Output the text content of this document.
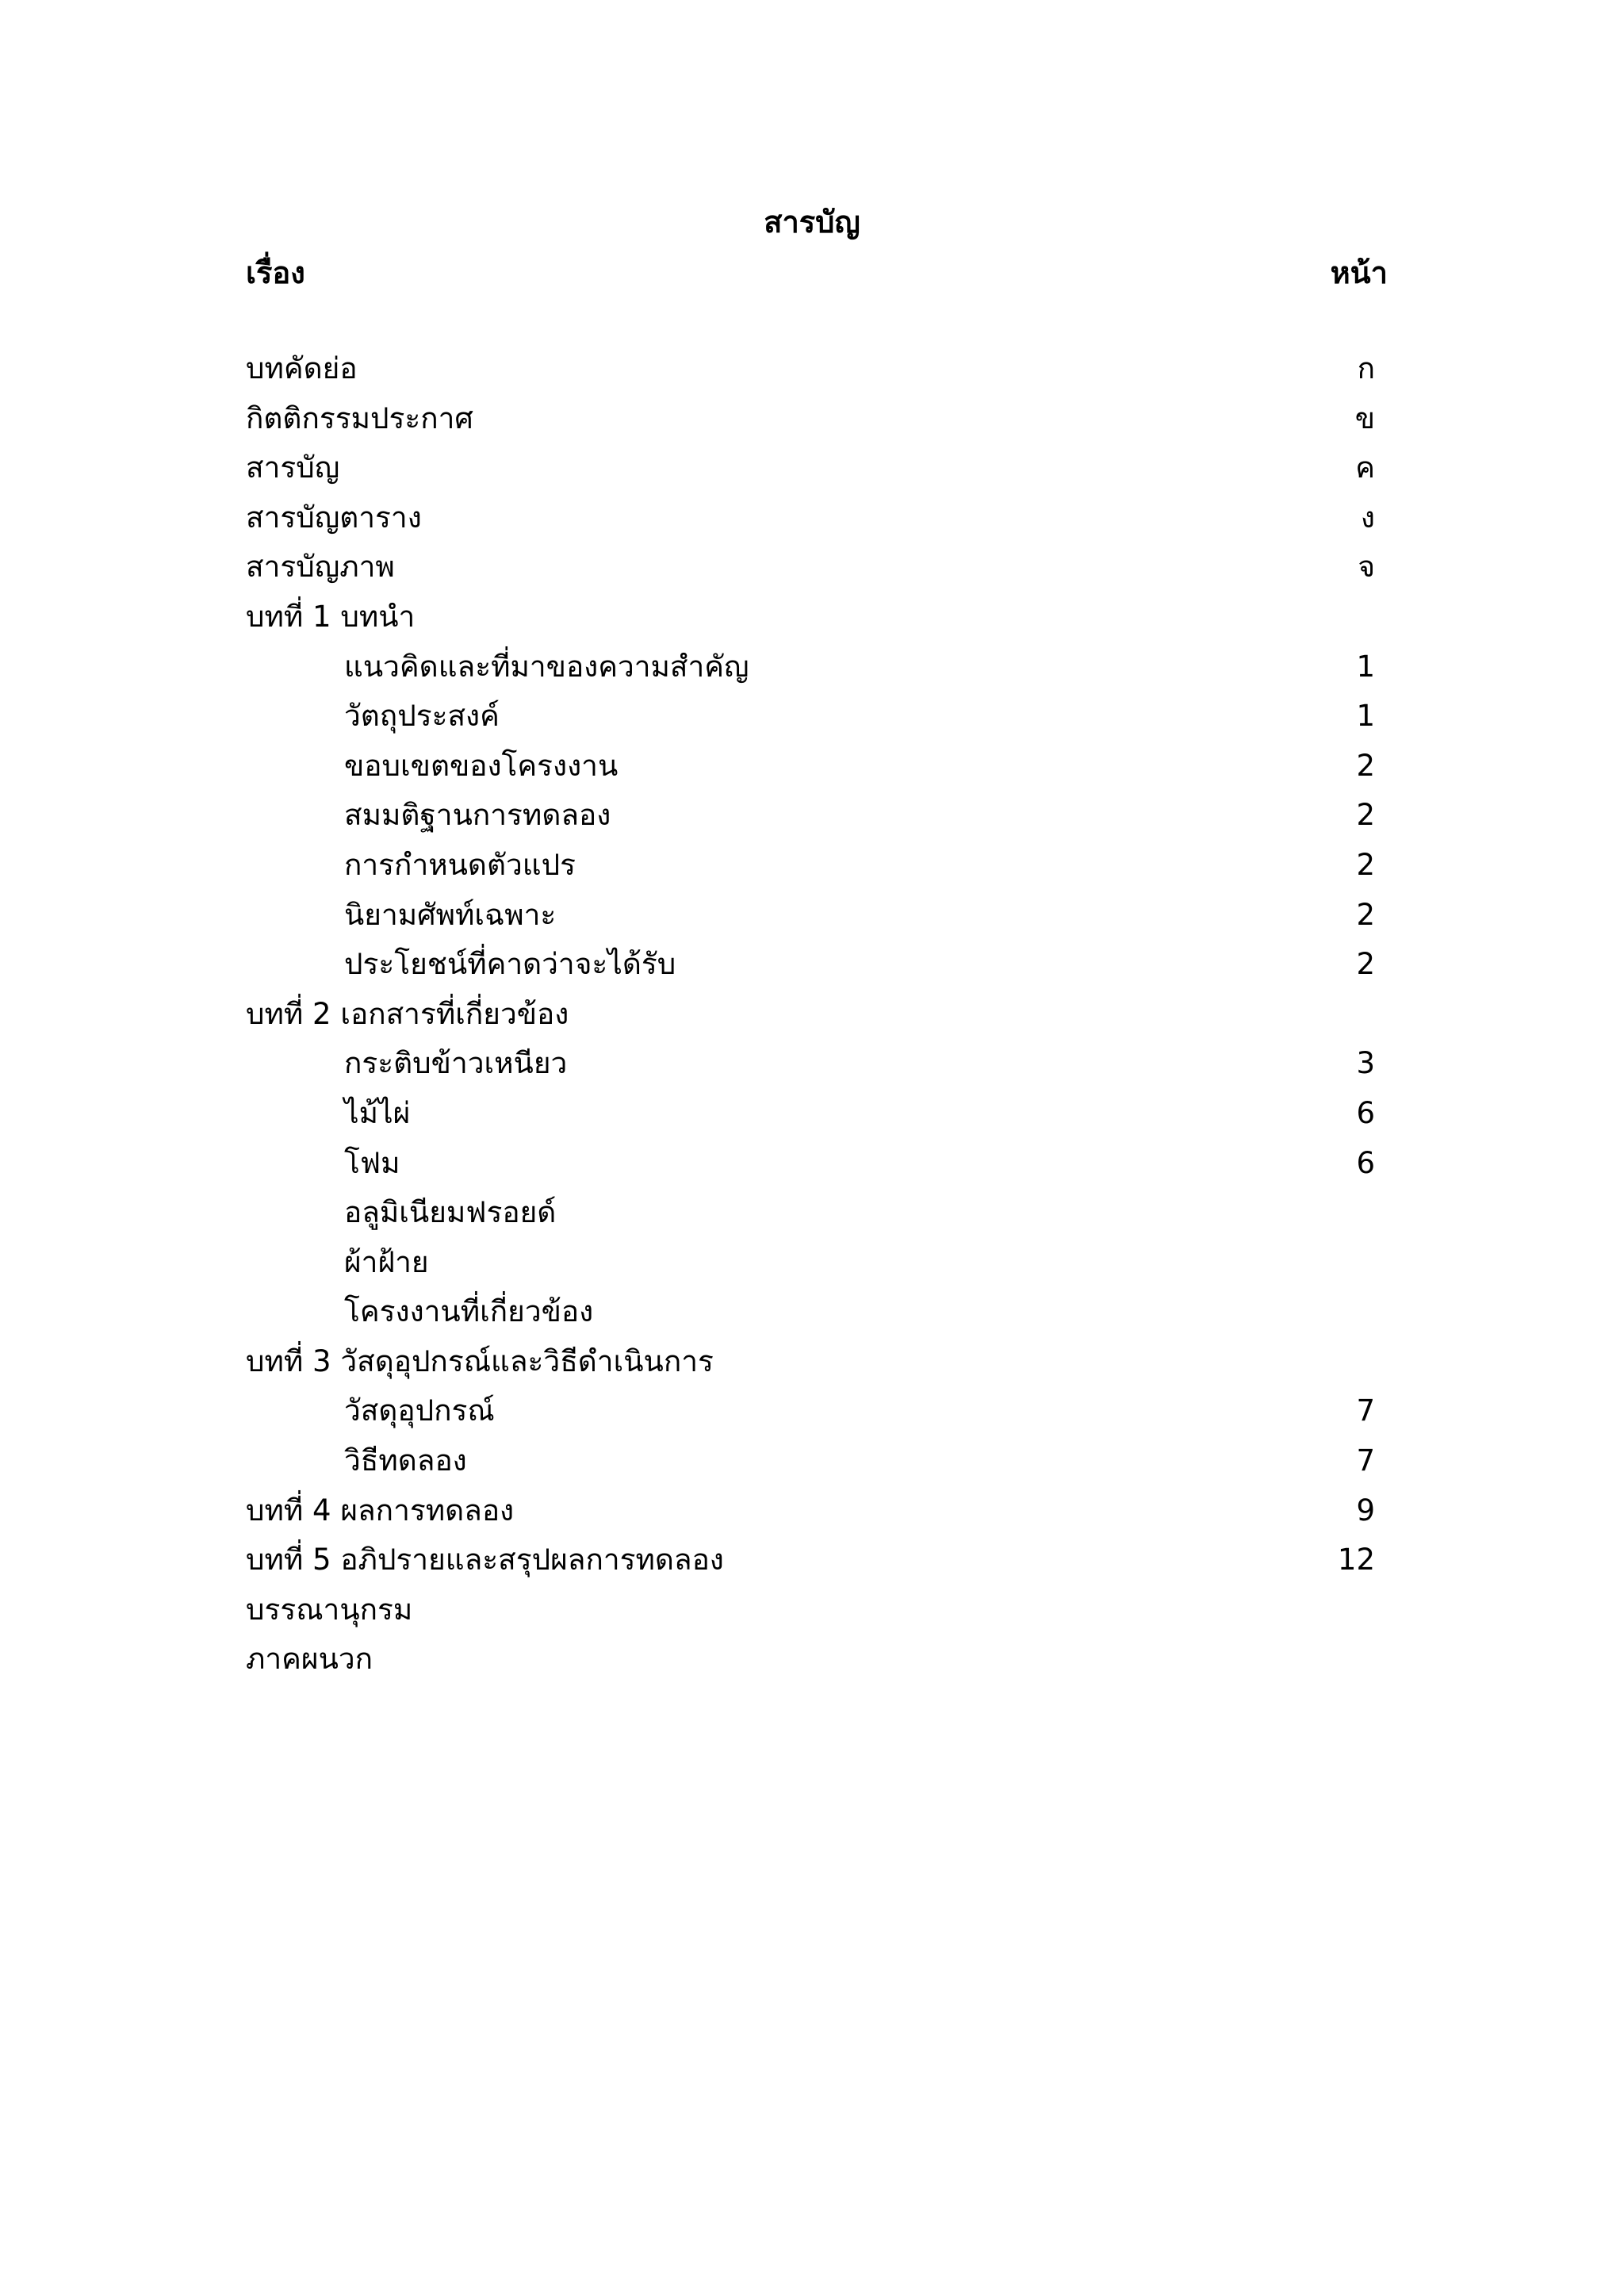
สารบัญ
เรื่อง	หน้า
บทคัดย่อ	ก
กิตติกรรมประกาศ	ข
สารบัญ	ค
สารบัญตาราง	ง
สารบัญภาพ	จ
บทที่ 1 บทนำ
แนวคิดและที่มาของความสำคัญ	1
วัตถุประสงค์	1
ขอบเขตของโครงงาน	2
สมมติฐานการทดลอง	2
การกำหนดตัวแปร	2
นิยามศัพท์เฉพาะ	2
ประโยชน์ที่คาดว่าจะได้รับ	2
บทที่ 2 เอกสารที่เกี่ยวข้อง
กระติบข้าวเหนียว	3
ไม้ไผ่	6
โฟม	6
อลูมิเนียมฟรอยด์
ผ้าฝ้าย
โครงงานที่เกี่ยวข้อง
บทที่ 3 วัสดุอุปกรณ์และวิธีดำเนินการ
วัสดุอุปกรณ์	7
วิธีทดลอง	7
บทที่ 4 ผลการทดลอง	9
บทที่ 5 อภิปรายและสรุปผลการทดลอง	12
บรรณานุกรม
ภาคผนวก
